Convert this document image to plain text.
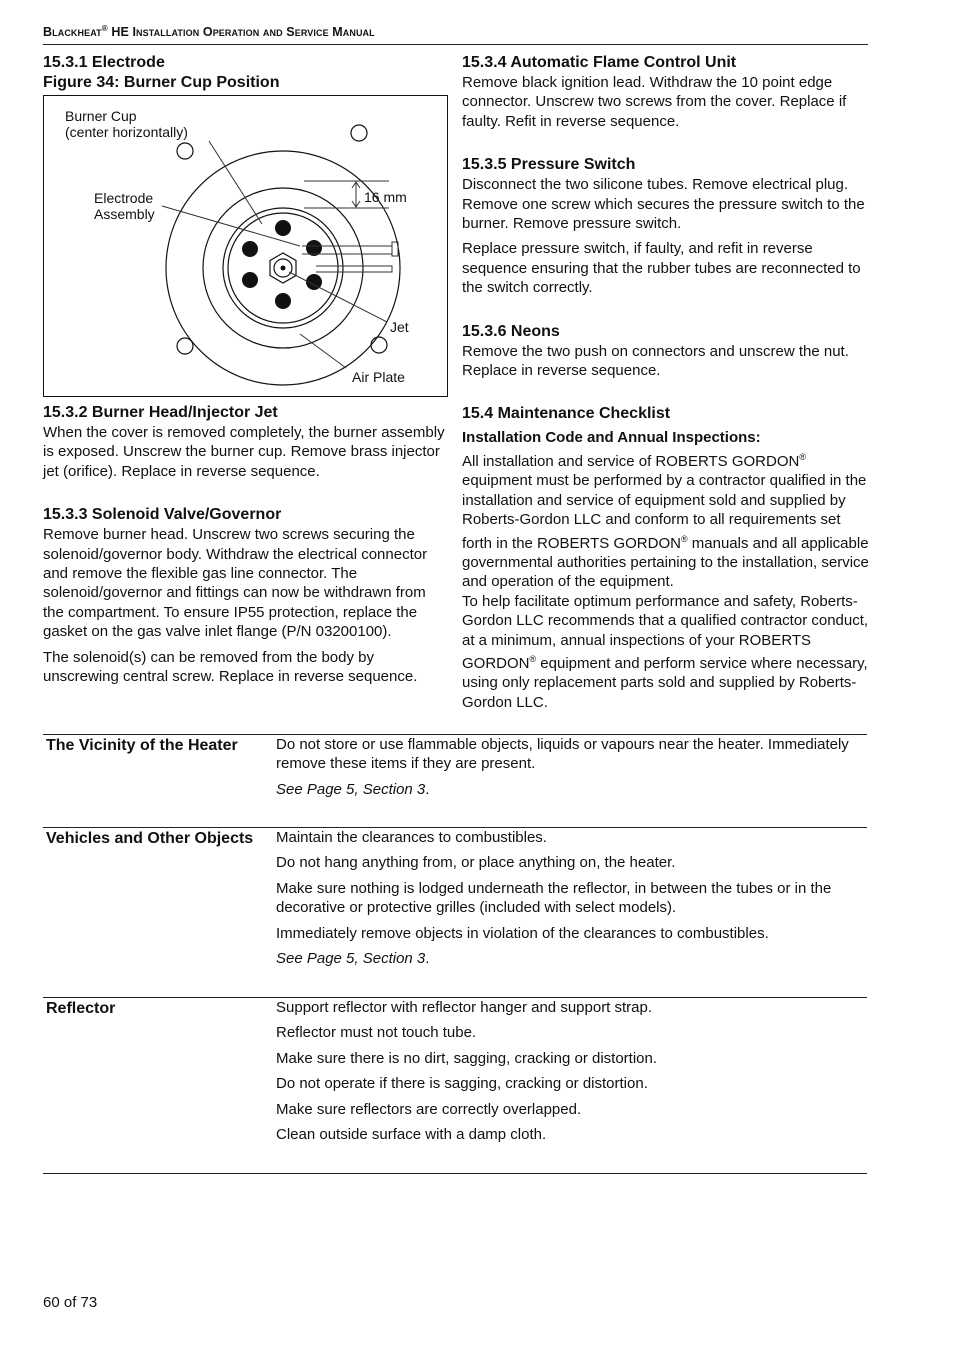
Blackheat® HE Installation Operation and Service Manual

15.3.1 Electrode

Figure 34: Burner Cup Position

Burner Cup
(center horizontally)
Electrode
Assembly
16 mm
Jet
Air Plate

15.3.2 Burner Head/Injector Jet

When the cover is removed completely, the burner assembly is exposed. Unscrew the burner cup. Remove brass injector jet (orifice). Replace in reverse sequence.

15.3.3 Solenoid Valve/Governor

Remove burner head. Unscrew two screws securing the solenoid/governor body. Withdraw the electrical connector and remove the flexible gas line connector. The solenoid/governor and fittings can now be withdrawn from the compartment. To ensure IP55 protection, replace the gasket on the gas valve inlet flange (P/N 03200100).

The solenoid(s) can be removed from the body by unscrewing central screw. Replace in reverse sequence.

15.3.4 Automatic Flame Control Unit

Remove black ignition lead. Withdraw the 10 point edge connector. Unscrew two screws from the cover. Replace if faulty. Refit in reverse sequence.

15.3.5 Pressure Switch

Disconnect the two silicone tubes. Remove electrical plug. Remove one screw which secures the pressure switch to the burner. Remove pressure switch.

Replace pressure switch, if faulty, and refit in reverse sequence ensuring that the rubber tubes are reconnected to the switch correctly.

15.3.6 Neons

Remove the two push on connectors and unscrew the nut. Replace in reverse sequence.

15.4 Maintenance Checklist

Installation Code and Annual Inspections:

All installation and service of ROBERTS GORDON® equipment must be performed by a contractor qualified in the installation and service of equipment sold and supplied by Roberts-Gordon LLC and conform to all requirements set forth in the ROBERTS GORDON® manuals and all applicable governmental authorities pertaining to the installation, service and operation of the equipment.

To help facilitate optimum performance and safety, Roberts-Gordon LLC recommends that a qualified contractor conduct, at a minimum, annual inspections of your ROBERTS GORDON® equipment and perform service where necessary, using only replacement parts sold and supplied by Roberts-Gordon LLC.

The Vicinity of the Heater	Do not store or use flammable objects, liquids or vapours near the heater. Immediately remove these items if they are present.
See Page 5, Section 3.
Vehicles and Other Objects	Maintain the clearances to combustibles.
Do not hang anything from, or place anything on, the heater.
Make sure nothing is lodged underneath the reflector, in between the tubes or in the decorative or protective grilles (included with select models).
Immediately remove objects in violation of the clearances to combustibles.
See Page 5, Section 3.
Reflector	Support reflector with reflector hanger and support strap.
Reflector must not touch tube.
Make sure there is no dirt, sagging, cracking or distortion.
Do not operate if there is sagging, cracking or distortion.
Make sure reflectors are correctly overlapped.
Clean outside surface with a damp cloth.
60 of 73
